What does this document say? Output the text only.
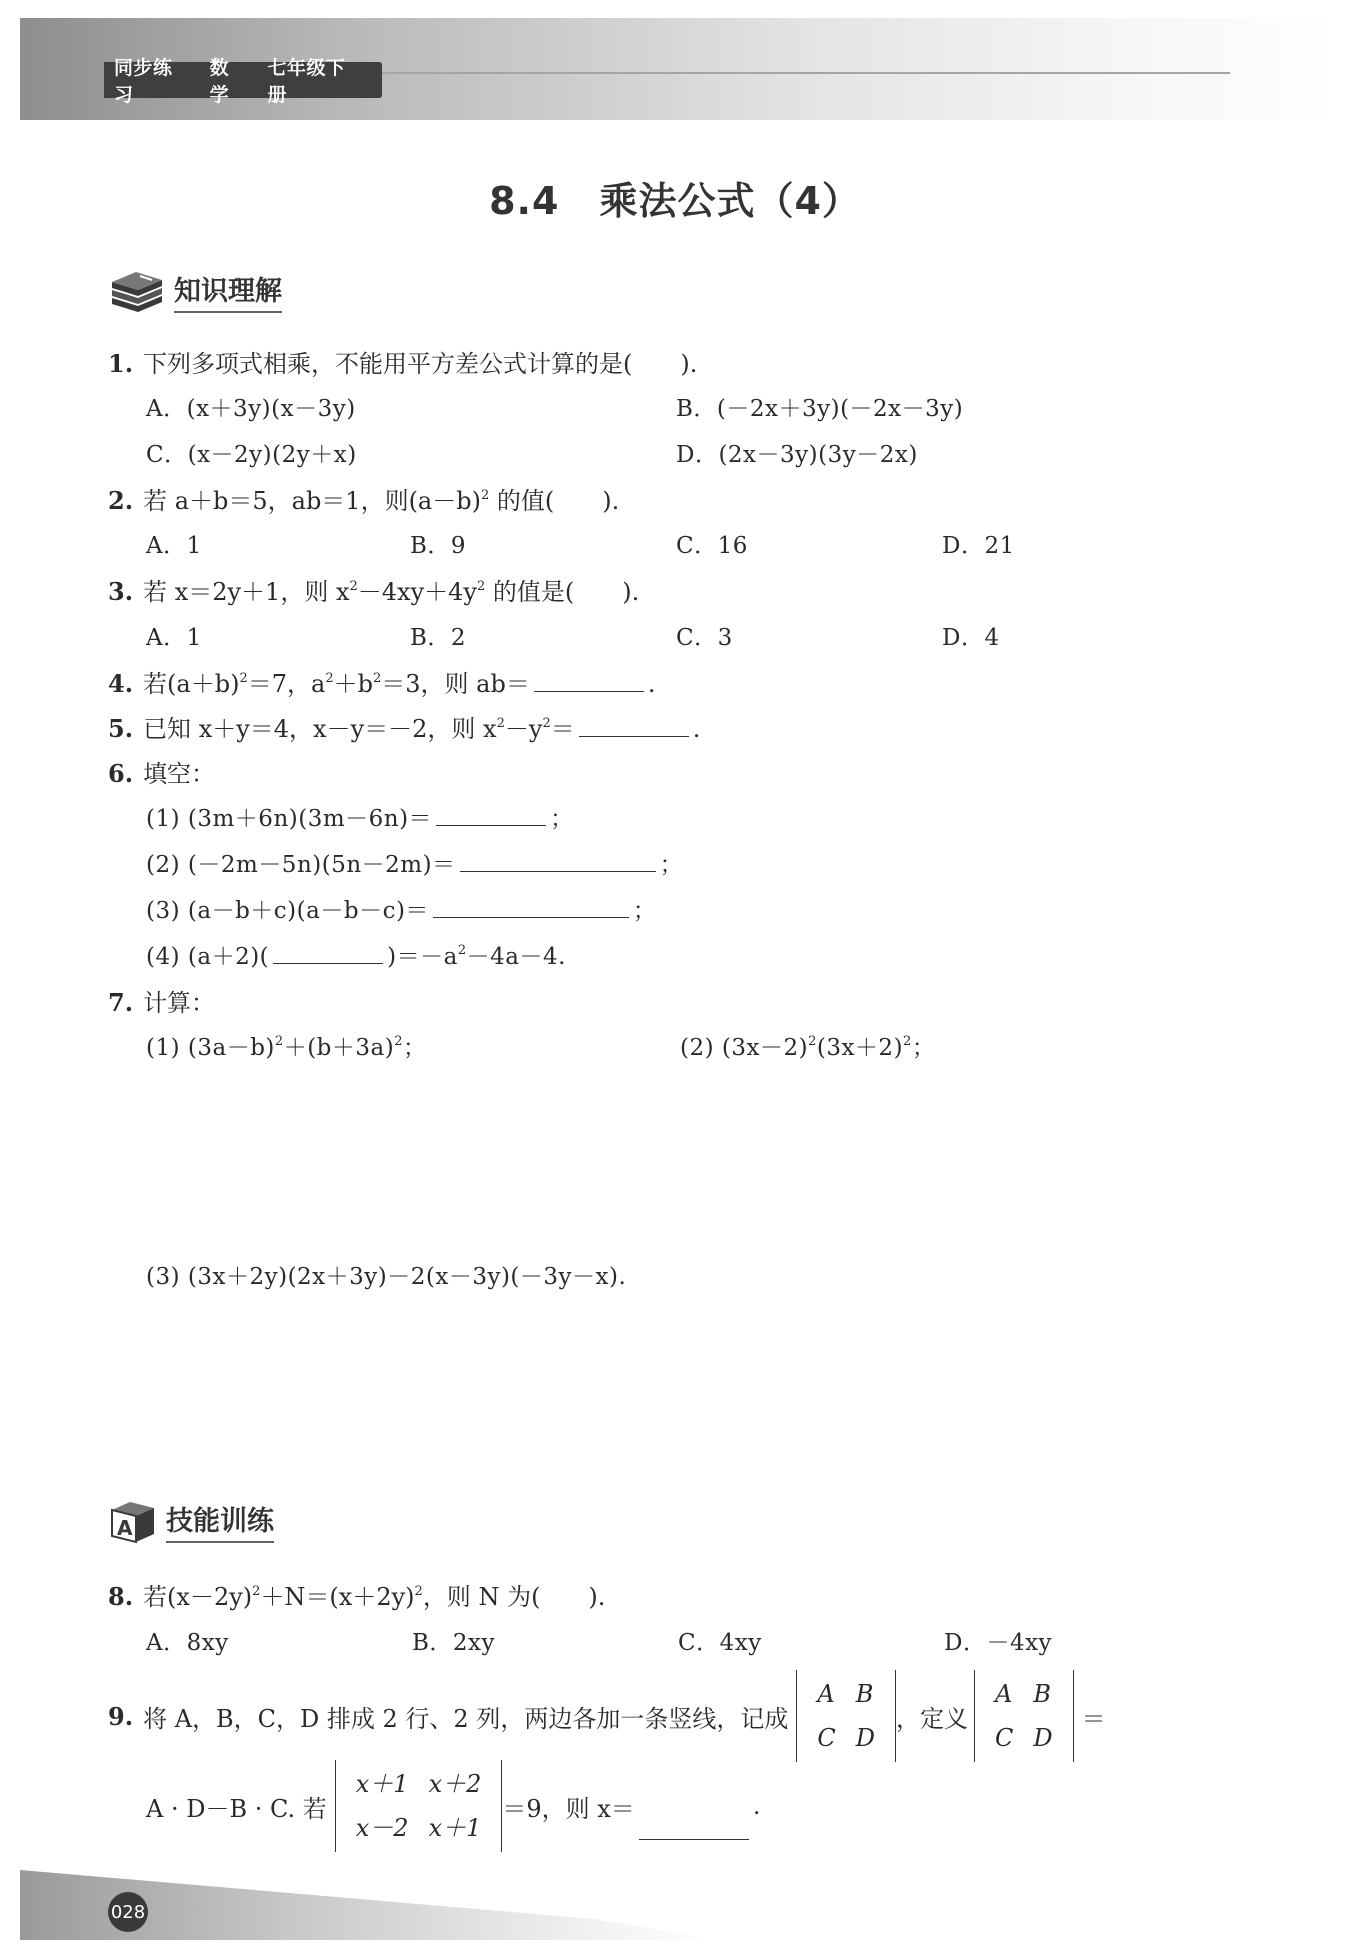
同步练习
数学
七年级下册
8.4 乘法公式（4）
知识理解
1. 下列多项式相乘，不能用平方差公式计算的是(　　).
A．(x＋3y)(x－3y)	B．(－2x＋3y)(－2x－3y)
C．(x－2y)(2y＋x)	D．(2x－3y)(3y－2x)
2. 若 a＋b＝5，ab＝1，则$(a-b)^2$ 的值(　　).
A．1	B．9	C．16	D．21
3. 若 x＝2y＋1，则 $x^2-4xy+4y^2$ 的值是(　　).
A．1	B．2	C．3	D．4
4. 若$(a+b)^2=7$，$a^2+b^2=3$，则 ab＝	.
5. 已知 x＋y＝4，x－y＝－2，则 $x^2-y^2=$	.
6. 填空：
(1) (3m＋6n)(3m－6n)＝	；
(2) (－2m－5n)(5n－2m)＝	；
(3) (a－b＋c)(a－b－c)＝	；
(4) (a＋2)(	)$=-a^2-4a-4$.
7. 计算：
(1) $(3a-b)^2+(b+3a)^2$；	(2) $(3x-2)^2(3x+2)^2$；
(3) (3x＋2y)(2x＋3y)－2(x－3y)(－3y－x).
A 技能训练
8. 若$(x-2y)^2+N=(x+2y)^2$，则 N 为(　　).
A．8xy	B．2xy	C．4xy	D．－4xy
9. 将 A，B，C，D 排成 2 行、2 列，两边各加一条竖线，记成
A	B
C	D
，定义
A	B
C	D
＝
A · D－B · C. 若
x＋1	x＋2
x－2	x＋1
＝9，则 x＝	.
028
